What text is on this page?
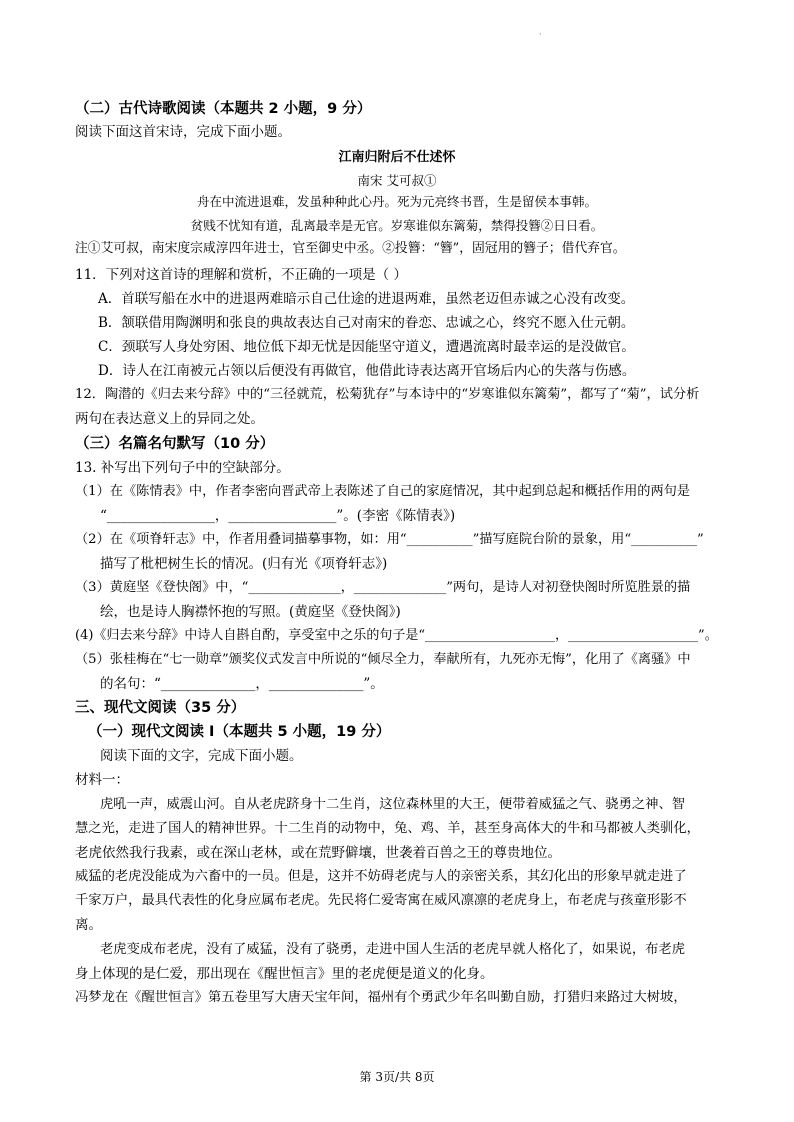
·
（二）古代诗歌阅读（本题共 2 小题，9 分）
阅读下面这首宋诗，完成下面小题。
江南归附后不仕述怀
南宋 艾可叔①
舟在中流进退难，发虽种种此心丹。死为元亮终书晋，生是留侯本事韩。
贫贱不忧知有道，乱离最幸是无官。岁寒谁似东篱菊，禁得投簪②日日看。
注①艾可叔，南宋度宗咸淳四年进士，官至御史中丞。②投簪：“簪”，固冠用的簪子；借代弃官。
11．下列对这首诗的理解和赏析，不正确的一项是（ ）
A．首联写船在水中的进退两难暗示自己仕途的进退两难，虽然老迈但赤诚之心没有改变。
B．颔联借用陶渊明和张良的典故表达自己对南宋的眷恋、忠诚之心，终究不愿入仕元朝。
C．颈联写人身处穷困、地位低下却无忧是因能坚守道义，遭遇流离时最幸运的是没做官。
D．诗人在江南被元占领以后便没有再做官，他借此诗表达离开官场后内心的失落与伤感。
12．陶潜的《归去来兮辞》中的“三径就荒，松菊犹存”与本诗中的“岁寒谁似东篱菊”，都写了“菊”，试分析
两句在表达意义上的异同之处。
（三）名篇名句默写（10 分）
13. 补写出下列句子中的空缺部分。
（1）在《陈情表》中，作者李密向晋武帝上表陈述了自己的家庭情况，其中起到总起和概括作用的两句是
“________________，________________”。(李密《陈情表》)
（2）在《项脊轩志》中，作者用叠词描摹事物，如：用“__________”描写庭院台阶的景象，用“__________”
描写了枇杷树生长的情况。(归有光《项脊轩志》)
（3）黄庭坚《登快阁》中，“______________，______________”两句，是诗人对初登快阁时所览胜景的描
绘，也是诗人胸襟怀抱的写照。(黄庭坚《登快阁》)
(4)《归去来兮辞》中诗人自斟自酌，享受室中之乐的句子是“____________________，____________________”。
（5）张桂梅在“七一勋章”颁奖仪式发言中所说的“倾尽全力，奉献所有，九死亦无悔”，化用了《离骚》中
的名句：“______________，______________”。
三、现代文阅读（35 分）
（一）现代文阅读 I（本题共 5 小题，19 分）
阅读下面的文字，完成下面小题。
材料一：
虎吼一声，威震山河。自从老虎跻身十二生肖，这位森林里的大王，便带着威猛之气、骁勇之神、智
慧之光，走进了国人的精神世界。十二生肖的动物中，兔、鸡、羊，甚至身高体大的牛和马都被人类驯化，
老虎依然我行我素，或在深山老林，或在荒野僻壤，世袭着百兽之王的尊贵地位。
威猛的老虎没能成为六畜中的一员。但是，这并不妨碍老虎与人的亲密关系，其幻化出的形象早就走进了
千家万户，最具代表性的化身应属布老虎。先民将仁爱寄寓在威风凛凛的老虎身上，布老虎与孩童形影不
离。
老虎变成布老虎，没有了威猛，没有了骁勇，走进中国人生活的老虎早就人格化了，如果说，布老虎
身上体现的是仁爱，那出现在《醒世恒言》里的老虎便是道义的化身。
冯梦龙在《醒世恒言》第五卷里写大唐天宝年间，福州有个勇武少年名叫勤自励，打猎归来路过大树坡，
第 3页/共 8页
